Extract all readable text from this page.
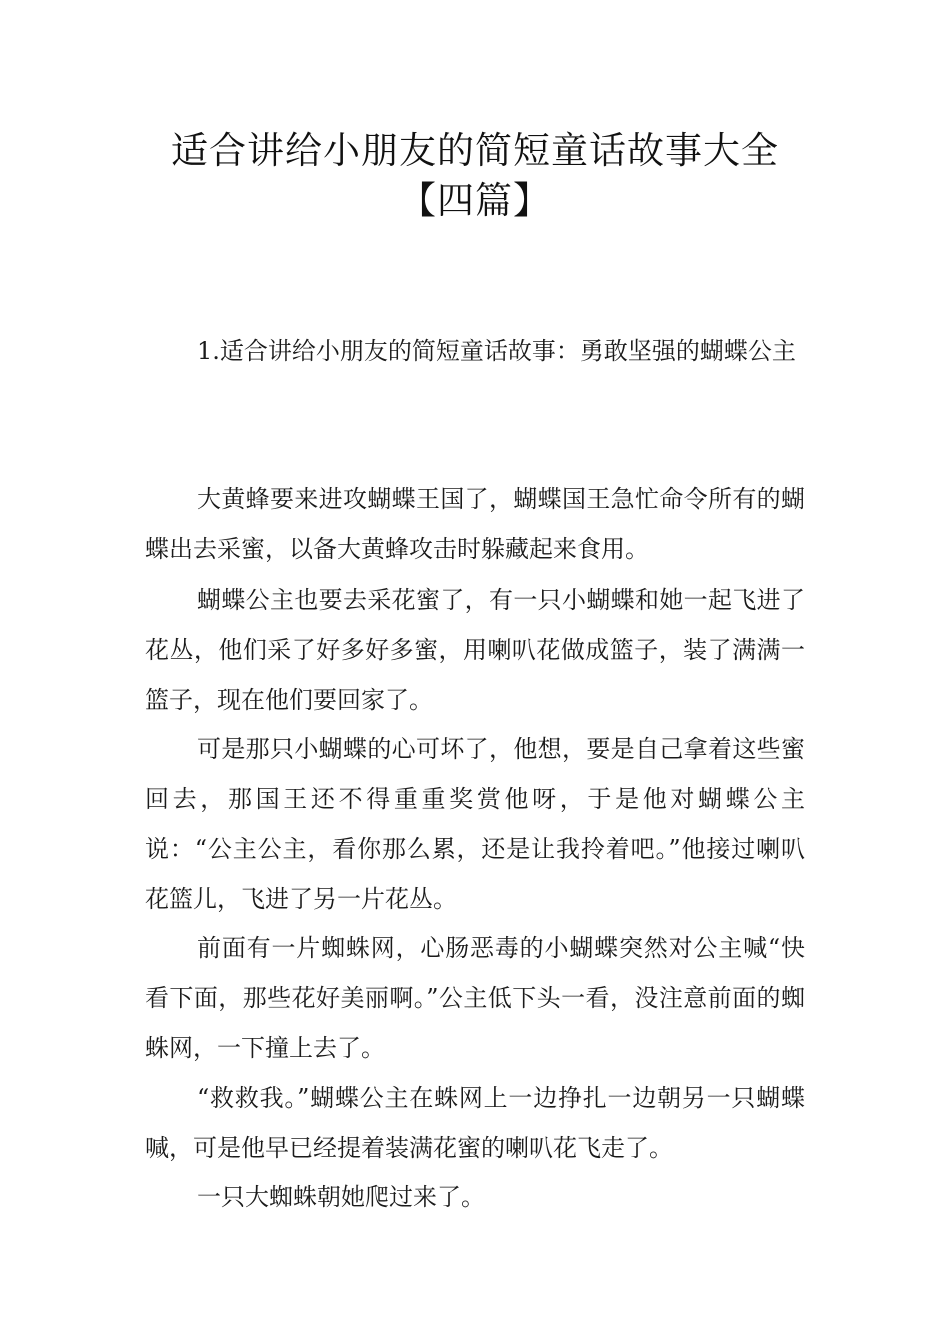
适合讲给小朋友的简短童话故事大全【四篇】

1.适合讲给小朋友的简短童话故事：勇敢坚强的蝴蝶公主

大黄蜂要来进攻蝴蝶王国了，蝴蝶国王急忙命令所有的蝴蝶出去采蜜，以备大黄蜂攻击时躲藏起来食用。

蝴蝶公主也要去采花蜜了，有一只小蝴蝶和她一起飞进了花丛，他们采了好多好多蜜，用喇叭花做成篮子，装了满满一篮子，现在他们要回家了。

可是那只小蝴蝶的心可坏了，他想，要是自己拿着这些蜜回去，那国王还不得重重奖赏他呀，于是他对蝴蝶公主说：“公主公主，看你那么累，还是让我拎着吧。”他接过喇叭花篮儿，飞进了另一片花丛。

前面有一片蜘蛛网，心肠恶毒的小蝴蝶突然对公主喊“快看下面，那些花好美丽啊。”公主低下头一看，没注意前面的蜘蛛网，一下撞上去了。

“救救我。”蝴蝶公主在蛛网上一边挣扎一边朝另一只蝴蝶喊，可是他早已经提着装满花蜜的喇叭花飞走了。

一只大蜘蛛朝她爬过来了。
